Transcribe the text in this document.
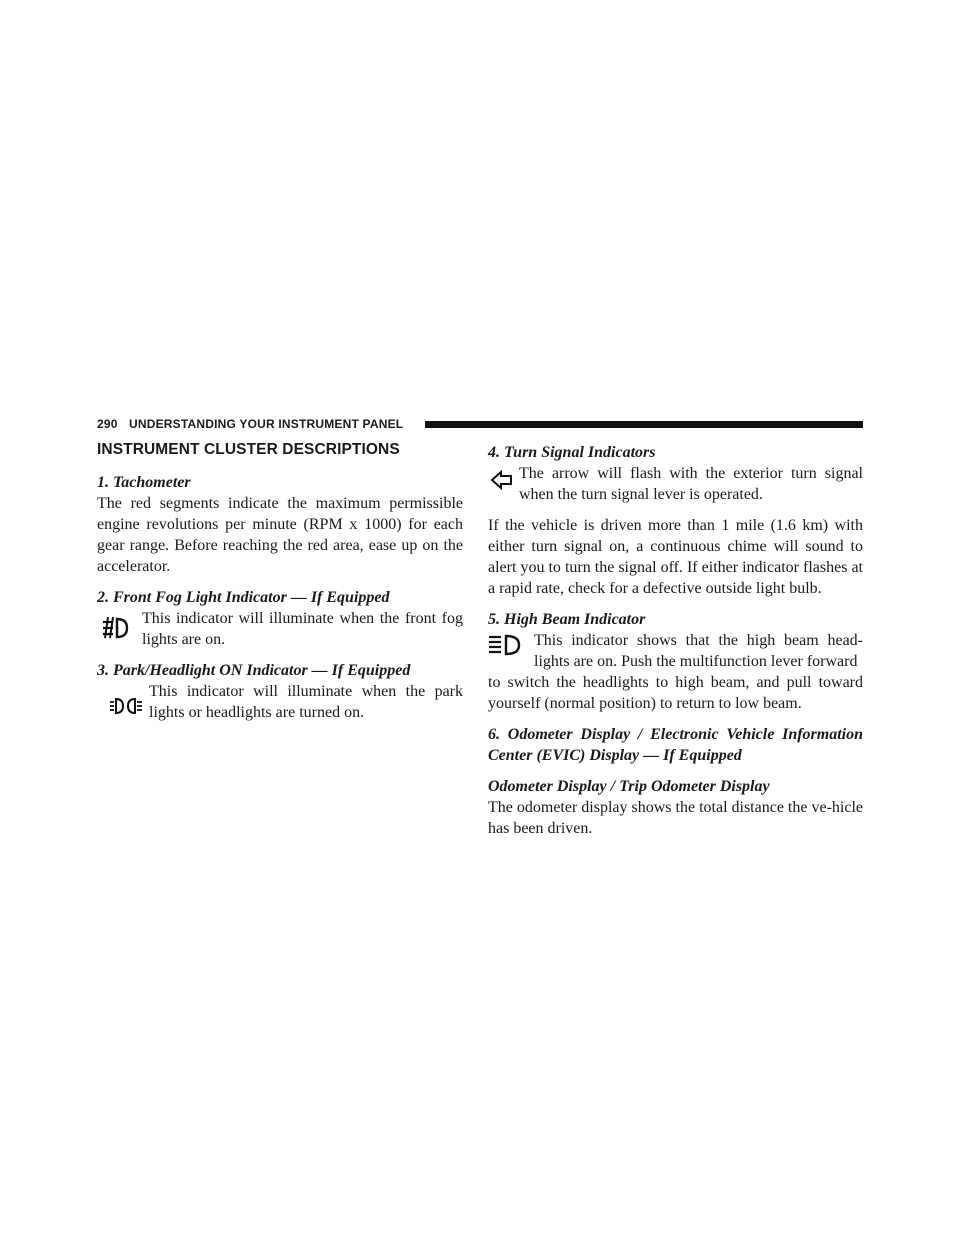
290 UNDERSTANDING YOUR INSTRUMENT PANEL
INSTRUMENT CLUSTER DESCRIPTIONS

1. Tachometer

The red segments indicate the maximum permissible engine revolutions per minute (RPM x 1000) for each gear range. Before reaching the red area, ease up on the accelerator.

2. Front Fog Light Indicator — If Equipped

This indicator will illuminate when the front fog lights are on.

3. Park/Headlight ON Indicator — If Equipped

This indicator will illuminate when the park lights or headlights are turned on.

4. Turn Signal Indicators

The arrow will flash with the exterior turn signal when the turn signal lever is operated.

If the vehicle is driven more than 1 mile (1.6 km) with either turn signal on, a continuous chime will sound to alert you to turn the signal off. If either indicator flashes at a rapid rate, check for a defective outside light bulb.

5. High Beam Indicator

This indicator shows that the high beam head-lights are on. Push the multifunction lever forward

to switch the headlights to high beam, and pull toward yourself (normal position) to return to low beam.

6. Odometer Display / Electronic Vehicle Information Center (EVIC) Display — If Equipped

Odometer Display / Trip Odometer Display

The odometer display shows the total distance the ve-hicle has been driven.
